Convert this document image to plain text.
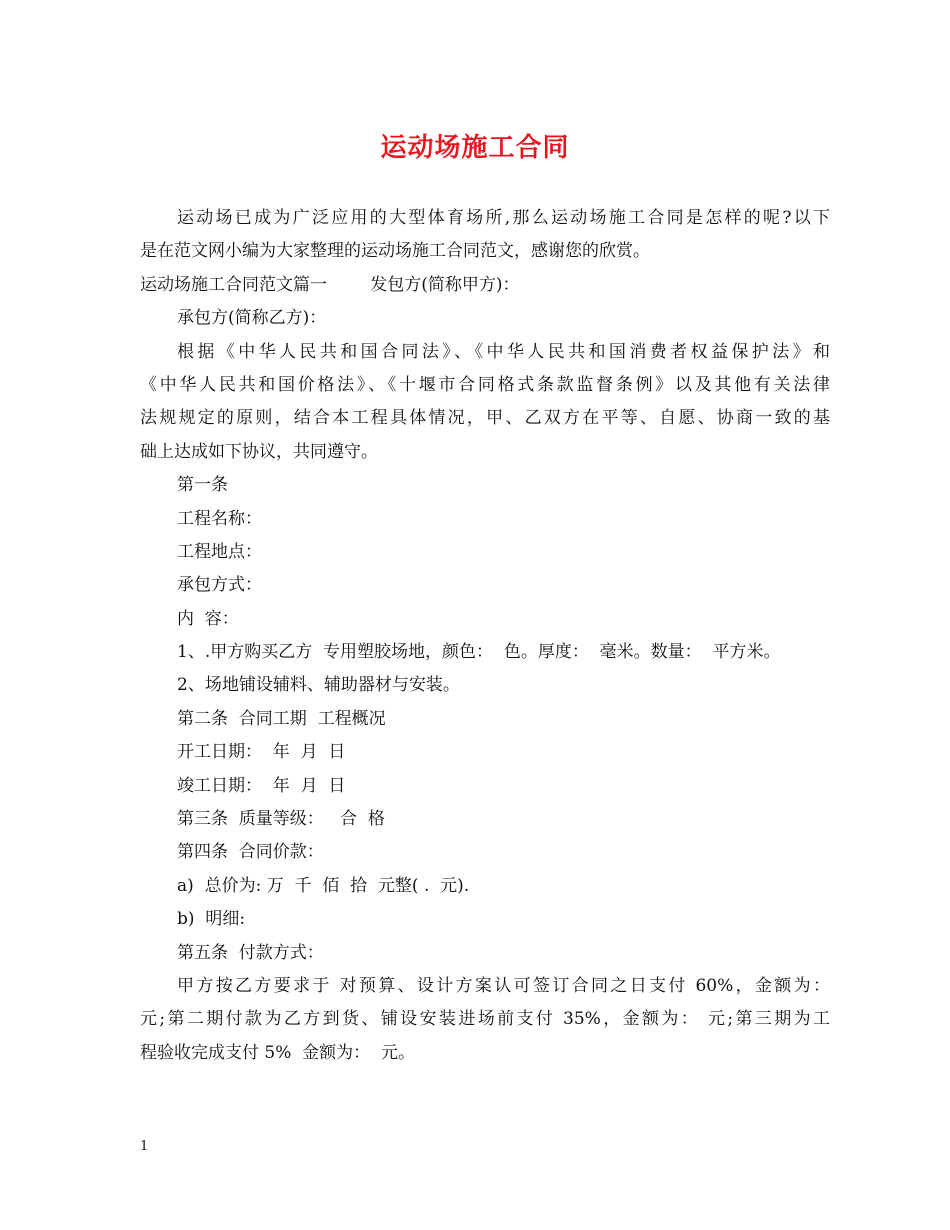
运动场施工合同
运动场已成为广泛应用的大型体育场所,那么运动场施工合同是怎样的呢?以下
是在范文网小编为大家整理的运动场施工合同范文，感谢您的欣赏。
运动场施工合同范文篇一        发包方(简称甲方)：
承包方(简称乙方)：
根据《中华人民共和国合同法》、《中华人民共和国消费者权益保护法》和
《中华人民共和国价格法》、《十堰市合同格式条款监督条例》以及其他有关法律
法规规定的原则，结合本工程具体情况，甲、乙双方在平等、自愿、协商一致的基
础上达成如下协议，共同遵守。
第一条
工程名称：
工程地点：
承包方式：
内  容：
1、.甲方购买乙方  专用塑胶场地，颜色：  色。厚度：  毫米。数量：  平方米。
2、场地铺设辅料、辅助器材与安装。
第二条  合同工期  工程概况
开工日期：  年  月  日
竣工日期：  年  月  日
第三条  质量等级：   合  格
第四条  合同价款：
a)  总价为: 万  千  佰  拾  元整( .  元).
b)  明细:
第五条  付款方式：
甲方按乙方要求于 对预算、设计方案认可签订合同之日支付 60%，金额为：
元;第二期付款为乙方到货、铺设安装进场前支付 35%，金额为： 元;第三期为工
程验收完成支付 5%  金额为：  元。
1
